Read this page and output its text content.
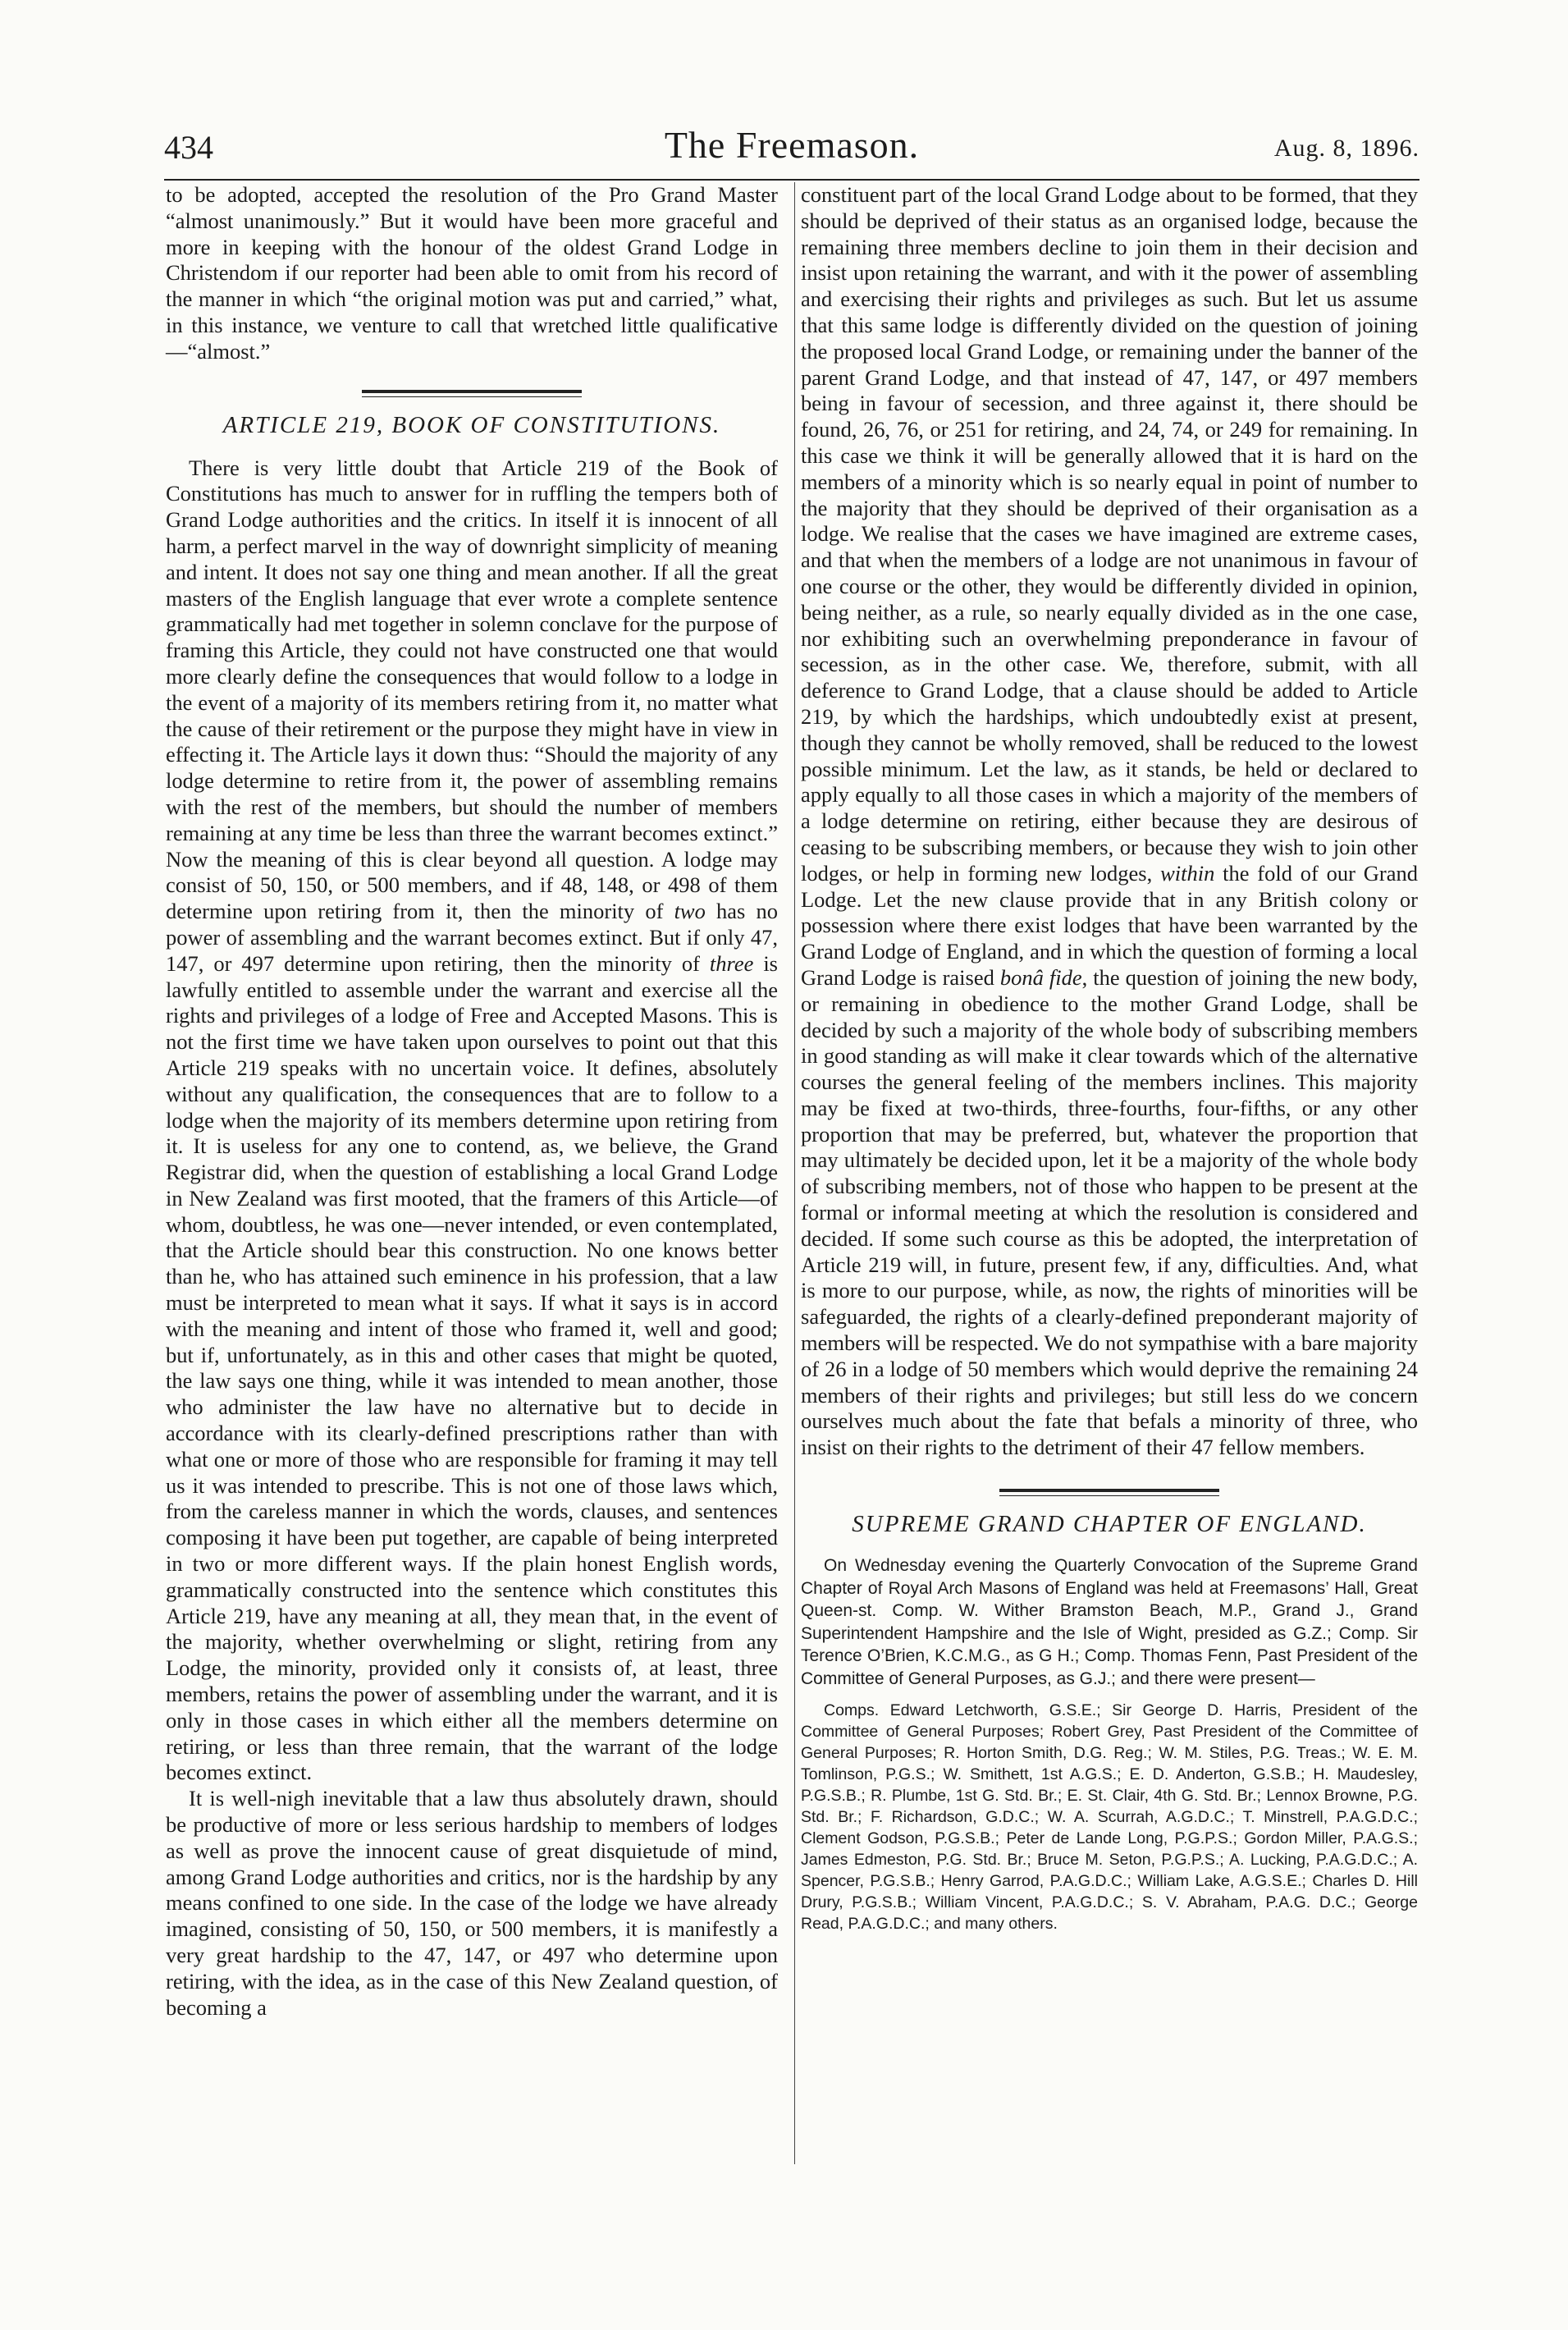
434	The Freemason.	Aug. 8, 1896.

to be adopted, accepted the resolution of the Pro Grand Master “almost unanimously.” But it would have been more graceful and more in keeping with the honour of the oldest Grand Lodge in Christendom if our reporter had been able to omit from his record of the manner in which “the original motion was put and carried,” what, in this instance, we venture to call that wretched little qualificative—“almost.”

ARTICLE 219, BOOK OF CONSTITUTIONS.

There is very little doubt that Article 219 of the Book of Constitutions has much to answer for in ruffling the tempers both of Grand Lodge authorities and the critics. In itself it is innocent of all harm, a perfect marvel in the way of downright simplicity of meaning and intent. It does not say one thing and mean another. If all the great masters of the English language that ever wrote a complete sentence grammatically had met together in solemn conclave for the purpose of framing this Article, they could not have constructed one that would more clearly define the consequences that would follow to a lodge in the event of a majority of its members retiring from it, no matter what the cause of their retirement or the purpose they might have in view in effecting it. The Article lays it down thus: “Should the majority of any lodge determine to retire from it, the power of assembling remains with the rest of the members, but should the number of members remaining at any time be less than three the warrant becomes extinct.” Now the meaning of this is clear beyond all question. A lodge may consist of 50, 150, or 500 members, and if 48, 148, or 498 of them determine upon retiring from it, then the minority of two has no power of assembling and the warrant becomes extinct. But if only 47, 147, or 497 determine upon retiring, then the minority of three is lawfully entitled to assemble under the warrant and exercise all the rights and privileges of a lodge of Free and Accepted Masons. This is not the first time we have taken upon ourselves to point out that this Article 219 speaks with no uncertain voice. It defines, absolutely without any qualification, the consequences that are to follow to a lodge when the majority of its members determine upon retiring from it. It is useless for any one to contend, as, we believe, the Grand Registrar did, when the question of establishing a local Grand Lodge in New Zealand was first mooted, that the framers of this Article—of whom, doubtless, he was one—never intended, or even contemplated, that the Article should bear this construction. No one knows better than he, who has attained such eminence in his profession, that a law must be interpreted to mean what it says. If what it says is in accord with the meaning and intent of those who framed it, well and good; but if, unfortunately, as in this and other cases that might be quoted, the law says one thing, while it was intended to mean another, those who administer the law have no alternative but to decide in accordance with its clearly-defined prescriptions rather than with what one or more of those who are responsible for framing it may tell us it was intended to prescribe. This is not one of those laws which, from the careless manner in which the words, clauses, and sentences composing it have been put together, are capable of being interpreted in two or more different ways. If the plain honest English words, grammatically constructed into the sentence which constitutes this Article 219, have any meaning at all, they mean that, in the event of the majority, whether overwhelming or slight, retiring from any Lodge, the minority, provided only it consists of, at least, three members, retains the power of assembling under the warrant, and it is only in those cases in which either all the members determine on retiring, or less than three remain, that the warrant of the lodge becomes extinct.

It is well-nigh inevitable that a law thus absolutely drawn, should be productive of more or less serious hardship to members of lodges as well as prove the innocent cause of great disquietude of mind, among Grand Lodge authorities and critics, nor is the hardship by any means confined to one side. In the case of the lodge we have already imagined, consisting of 50, 150, or 500 members, it is manifestly a very great hardship to the 47, 147, or 497 who determine upon retiring, with the idea, as in the case of this New Zealand question, of becoming a

constituent part of the local Grand Lodge about to be formed, that they should be deprived of their status as an organised lodge, because the remaining three members decline to join them in their decision and insist upon retaining the warrant, and with it the power of assembling and exercising their rights and privileges as such. But let us assume that this same lodge is differently divided on the question of joining the proposed local Grand Lodge, or remaining under the banner of the parent Grand Lodge, and that instead of 47, 147, or 497 members being in favour of secession, and three against it, there should be found, 26, 76, or 251 for retiring, and 24, 74, or 249 for remaining. In this case we think it will be generally allowed that it is hard on the members of a minority which is so nearly equal in point of number to the majority that they should be deprived of their organisation as a lodge. We realise that the cases we have imagined are extreme cases, and that when the members of a lodge are not unanimous in favour of one course or the other, they would be differently divided in opinion, being neither, as a rule, so nearly equally divided as in the one case, nor exhibiting such an overwhelming preponderance in favour of secession, as in the other case. We, therefore, submit, with all deference to Grand Lodge, that a clause should be added to Article 219, by which the hardships, which undoubtedly exist at present, though they cannot be wholly removed, shall be reduced to the lowest possible minimum. Let the law, as it stands, be held or declared to apply equally to all those cases in which a majority of the members of a lodge determine on retiring, either because they are desirous of ceasing to be subscribing members, or because they wish to join other lodges, or help in forming new lodges, within the fold of our Grand Lodge. Let the new clause provide that in any British colony or possession where there exist lodges that have been warranted by the Grand Lodge of England, and in which the question of forming a local Grand Lodge is raised bonâ fide, the question of joining the new body, or remaining in obedience to the mother Grand Lodge, shall be decided by such a majority of the whole body of subscribing members in good standing as will make it clear towards which of the alternative courses the general feeling of the members inclines. This majority may be fixed at two-thirds, three-fourths, four-fifths, or any other proportion that may be preferred, but, whatever the proportion that may ultimately be decided upon, let it be a majority of the whole body of subscribing members, not of those who happen to be present at the formal or informal meeting at which the resolution is considered and decided. If some such course as this be adopted, the interpretation of Article 219 will, in future, present few, if any, difficulties. And, what is more to our purpose, while, as now, the rights of minorities will be safeguarded, the rights of a clearly-defined preponderant majority of members will be respected. We do not sympathise with a bare majority of 26 in a lodge of 50 members which would deprive the remaining 24 members of their rights and privileges; but still less do we concern ourselves much about the fate that befals a minority of three, who insist on their rights to the detriment of their 47 fellow members.

SUPREME GRAND CHAPTER OF ENGLAND.

On Wednesday evening the Quarterly Convocation of the Supreme Grand Chapter of Royal Arch Masons of England was held at Freemasons’ Hall, Great Queen-st. Comp. W. Wither Bramston Beach, M.P., Grand J., Grand Superintendent Hampshire and the Isle of Wight, presided as G.Z.; Comp. Sir Terence O’Brien, K.C.M.G., as G H.; Comp. Thomas Fenn, Past President of the Committee of General Purposes, as G.J.; and there were present—

Comps. Edward Letchworth, G.S.E.; Sir George D. Harris, President of the Committee of General Purposes; Robert Grey, Past President of the Committee of General Purposes; R. Horton Smith, D.G. Reg.; W. M. Stiles, P.G. Treas.; W. E. M. Tomlinson, P.G.S.; W. Smithett, 1st A.G.S.; E. D. Anderton, G.S.B.; H. Maudesley, P.G.S.B.; R. Plumbe, 1st G. Std. Br.; E. St. Clair, 4th G. Std. Br.; Lennox Browne, P.G. Std. Br.; F. Richardson, G.D.C.; W. A. Scurrah, A.G.D.C.; T. Minstrell, P.A.G.D.C.; Clement Godson, P.G.S.B.; Peter de Lande Long, P.G.P.S.; Gordon Miller, P.A.G.S.; James Edmeston, P.G. Std. Br.; Bruce M. Seton, P.G.P.S.; A. Lucking, P.A.G.D.C.; A. Spencer, P.G.S.B.; Henry Garrod, P.A.G.D.C.; William Lake, A.G.S.E.; Charles D. Hill Drury, P.G.S.B.; William Vincent, P.A.G.D.C.; S. V. Abraham, P.A.G. D.C.; George Read, P.A.G.D.C.; and many others.
